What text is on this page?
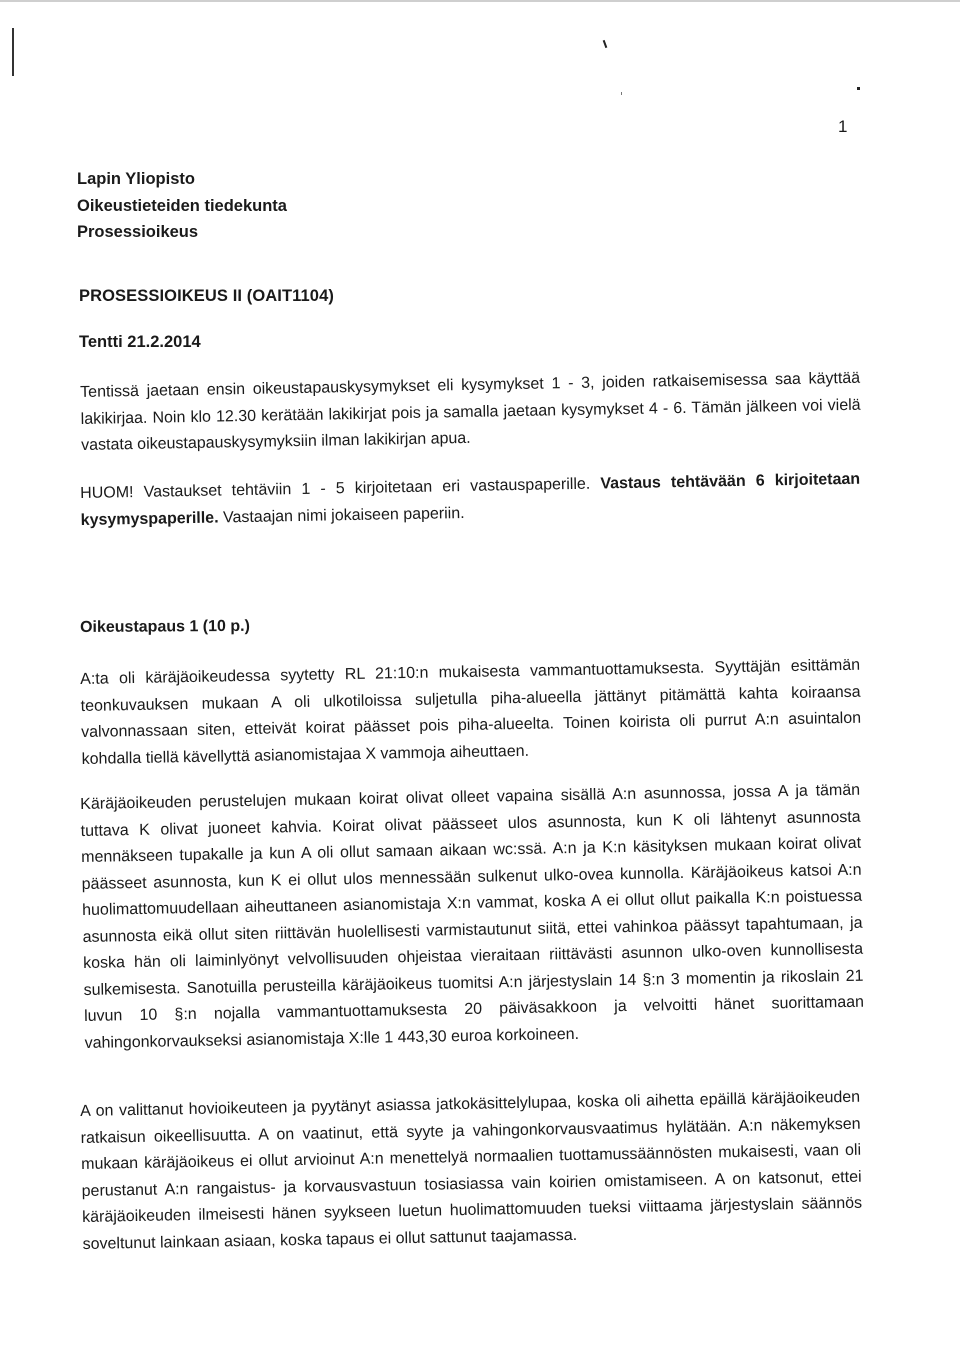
1
Lapin Yliopisto
Oikeustieteiden tiedekunta
Prosessioikeus
PROSESSIOIKEUS II (OAIT1104)
Tentti 21.2.2014

Tentissä jaetaan ensin oikeustapauskysymykset eli kysymykset 1 - 3, joiden ratkaisemisessa saa käyttää lakikirjaa. Noin klo 12.30 kerätään lakikirjat pois ja samalla jaetaan kysymykset 4 - 6. Tämän jälkeen voi vielä vastata oikeustapauskysymyksiin ilman lakikirjan apua.

HUOM! Vastaukset tehtäviin 1 - 5 kirjoitetaan eri vastauspaperille. Vastaus tehtävään 6 kirjoitetaan kysymyspaperille. Vastaajan nimi jokaiseen paperiin.

Oikeustapaus 1 (10 p.)

A:ta oli käräjäoikeudessa syytetty RL 21:10:n mukaisesta vammantuottamuksesta. Syyttäjän esittämän teonkuvauksen mukaan A oli ulkotiloissa suljetulla piha-alueella jättänyt pitämättä kahta koiraansa valvonnassaan siten, etteivät koirat päässet pois piha-alueelta. Toinen koirista oli purrut A:n asuintalon kohdalla tiellä kävellyttä asianomistajaa X vammoja aiheuttaen.

Käräjäoikeuden perustelujen mukaan koirat olivat olleet vapaina sisällä A:n asunnossa, jossa A ja tämän tuttava K olivat juoneet kahvia. Koirat olivat päässeet ulos asunnosta, kun K oli lähtenyt asunnosta mennäkseen tupakalle ja kun A oli ollut samaan aikaan wc:ssä. A:n ja K:n käsityksen mukaan koirat olivat päässeet asunnosta, kun K ei ollut ulos mennessään sulkenut ulko-ovea kunnolla. Käräjäoikeus katsoi A:n huolimattomuudellaan aiheuttaneen asianomistaja X:n vammat, koska A ei ollut ollut paikalla K:n poistuessa asunnosta eikä ollut siten riittävän huolellisesti varmistautunut siitä, ettei vahinkoa päässyt tapahtumaan, ja koska hän oli laiminlyönyt velvollisuuden ohjeistaa vieraitaan riittävästi asunnon ulko-oven kunnollisesta sulkemisesta. Sanotuilla perusteilla käräjäoikeus tuomitsi A:n järjestyslain 14 §:n 3 momentin ja rikoslain 21 luvun 10 §:n nojalla vammantuottamuksesta 20 päiväsakkoon ja velvoitti hänet suorittamaan vahingonkorvaukseksi asianomistaja X:lle 1 443,30 euroa korkoineen.

A on valittanut hovioikeuteen ja pyytänyt asiassa jatkokäsittelylupaa, koska oli aihetta epäillä käräjäoikeuden ratkaisun oikeellisuutta. A on vaatinut, että syyte ja vahingonkorvausvaatimus hylätään. A:n näkemyksen mukaan käräjäoikeus ei ollut arvioinut A:n menettelyä normaalien tuottamussäännösten mukaisesti, vaan oli perustanut A:n rangaistus- ja korvausvastuun tosiasiassa vain koirien omistamiseen. A on katsonut, ettei käräjäoikeuden ilmeisesti hänen syykseen luetun huolimattomuuden tueksi viittaama järjestyslain säännös soveltunut lainkaan asiaan, koska tapaus ei ollut sattunut taajamassa.
